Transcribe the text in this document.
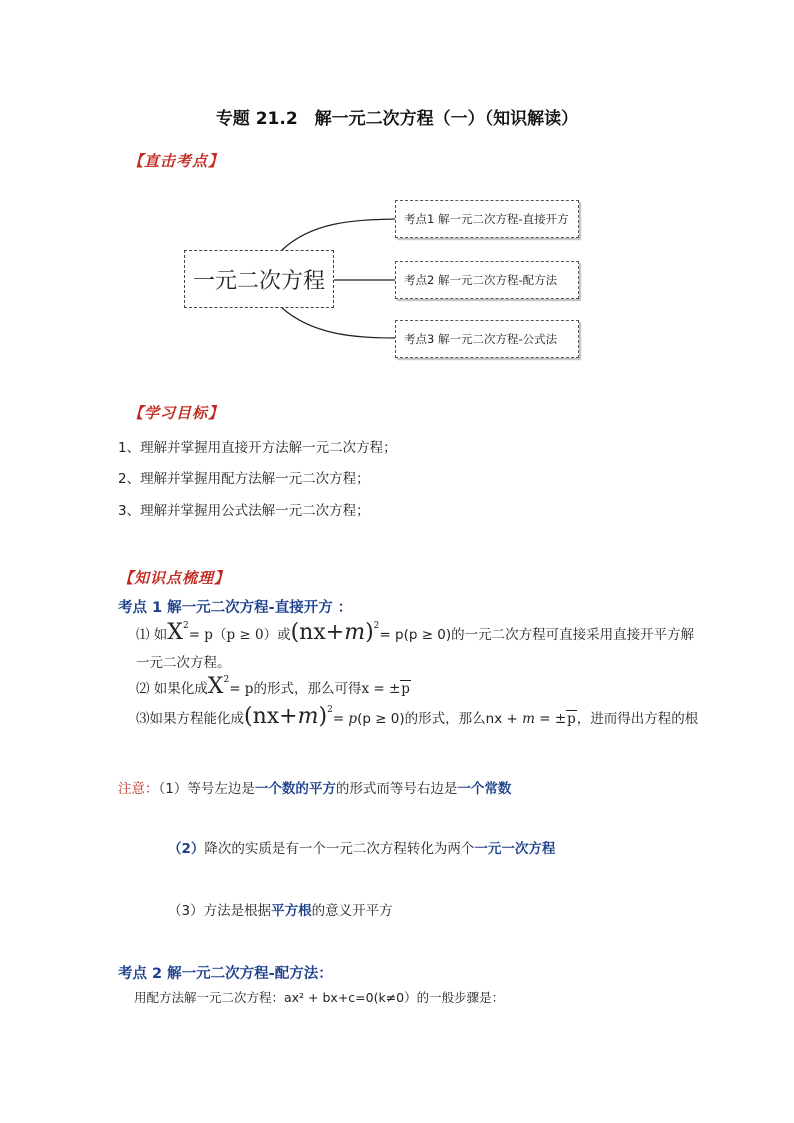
专题 21.2　解一元二次方程（一）（知识解读）
【直击考点】
一元二次方程
考点1 解一元二次方程-直接开方
考点2 解一元二次方程-配方法
考点3 解一元二次方程-公式法
【学习目标】
1、理解并掌握用直接开方法解一元二次方程；
2、理解并掌握用配方法解一元二次方程；
3、理解并掌握用公式法解一元二次方程；
【知识点梳理】
考点 1 解一元二次方程-直接开方 ：
⑴ 如$X^2= p(p \ge 0)$或$(nx+m)^2= p(p \ge 0)$的一元二次方程可直接采用直接开平方解
一元二次方程。
⑵ 如果化成$X^2= p$的形式，那么可得x = ±p
⑶如果方程能化成$(nx+m)^2= p(p \ge 0)$的形式，那么nx + m = ±p，进而得出方程的根
注意：（1）等号左边是一个数的平方的形式而等号右边是一个常数
（2）降次的实质是有一个一元二次方程转化为两个一元一次方程
（3）方法是根据平方根的意义开平方
考点 2 解一元二次方程-配方法：
用配方法解一元二次方程：ax² + bx+c=0(k≠0）的一般步骤是：
